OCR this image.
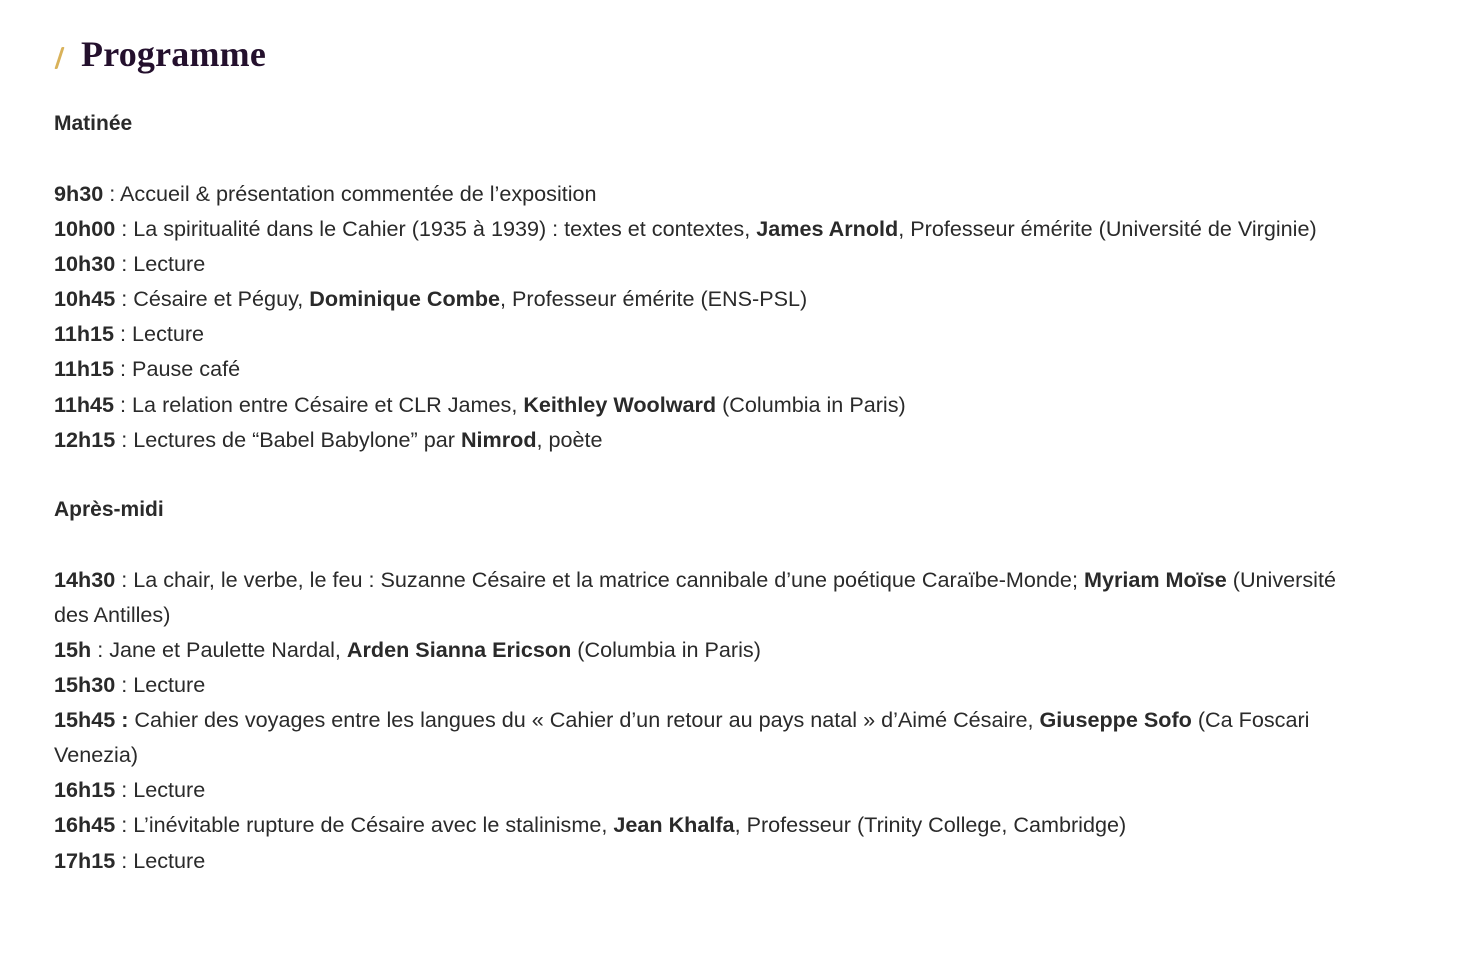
Programme
Matinée
9h30 : Accueil & présentation commentée de l’exposition
10h00 : La spiritualité dans le Cahier (1935 à 1939) : textes et contextes, James Arnold, Professeur émérite (Université de Virginie)
10h30 : Lecture
10h45 : Césaire et Péguy, Dominique Combe, Professeur émérite (ENS-PSL)
11h15 : Lecture
11h15 : Pause café
11h45 : La relation entre Césaire et CLR James, Keithley Woolward (Columbia in Paris)
12h15 : Lectures de “Babel Babylone” par Nimrod, poète
Après-midi
14h30 : La chair, le verbe, le feu : Suzanne Césaire et la matrice cannibale d’une poétique Caraïbe-Monde; Myriam Moïse (Université des Antilles)
15h : Jane et Paulette Nardal, Arden Sianna Ericson (Columbia in Paris)
15h30 : Lecture
15h45 : Cahier des voyages entre les langues du « Cahier d’un retour au pays natal » d’Aimé Césaire, Giuseppe Sofo (Ca Foscari Venezia)
16h15 : Lecture
16h45 : L’inévitable rupture de Césaire avec le stalinisme, Jean Khalfa, Professeur (Trinity College, Cambridge)
17h15 : Lecture
